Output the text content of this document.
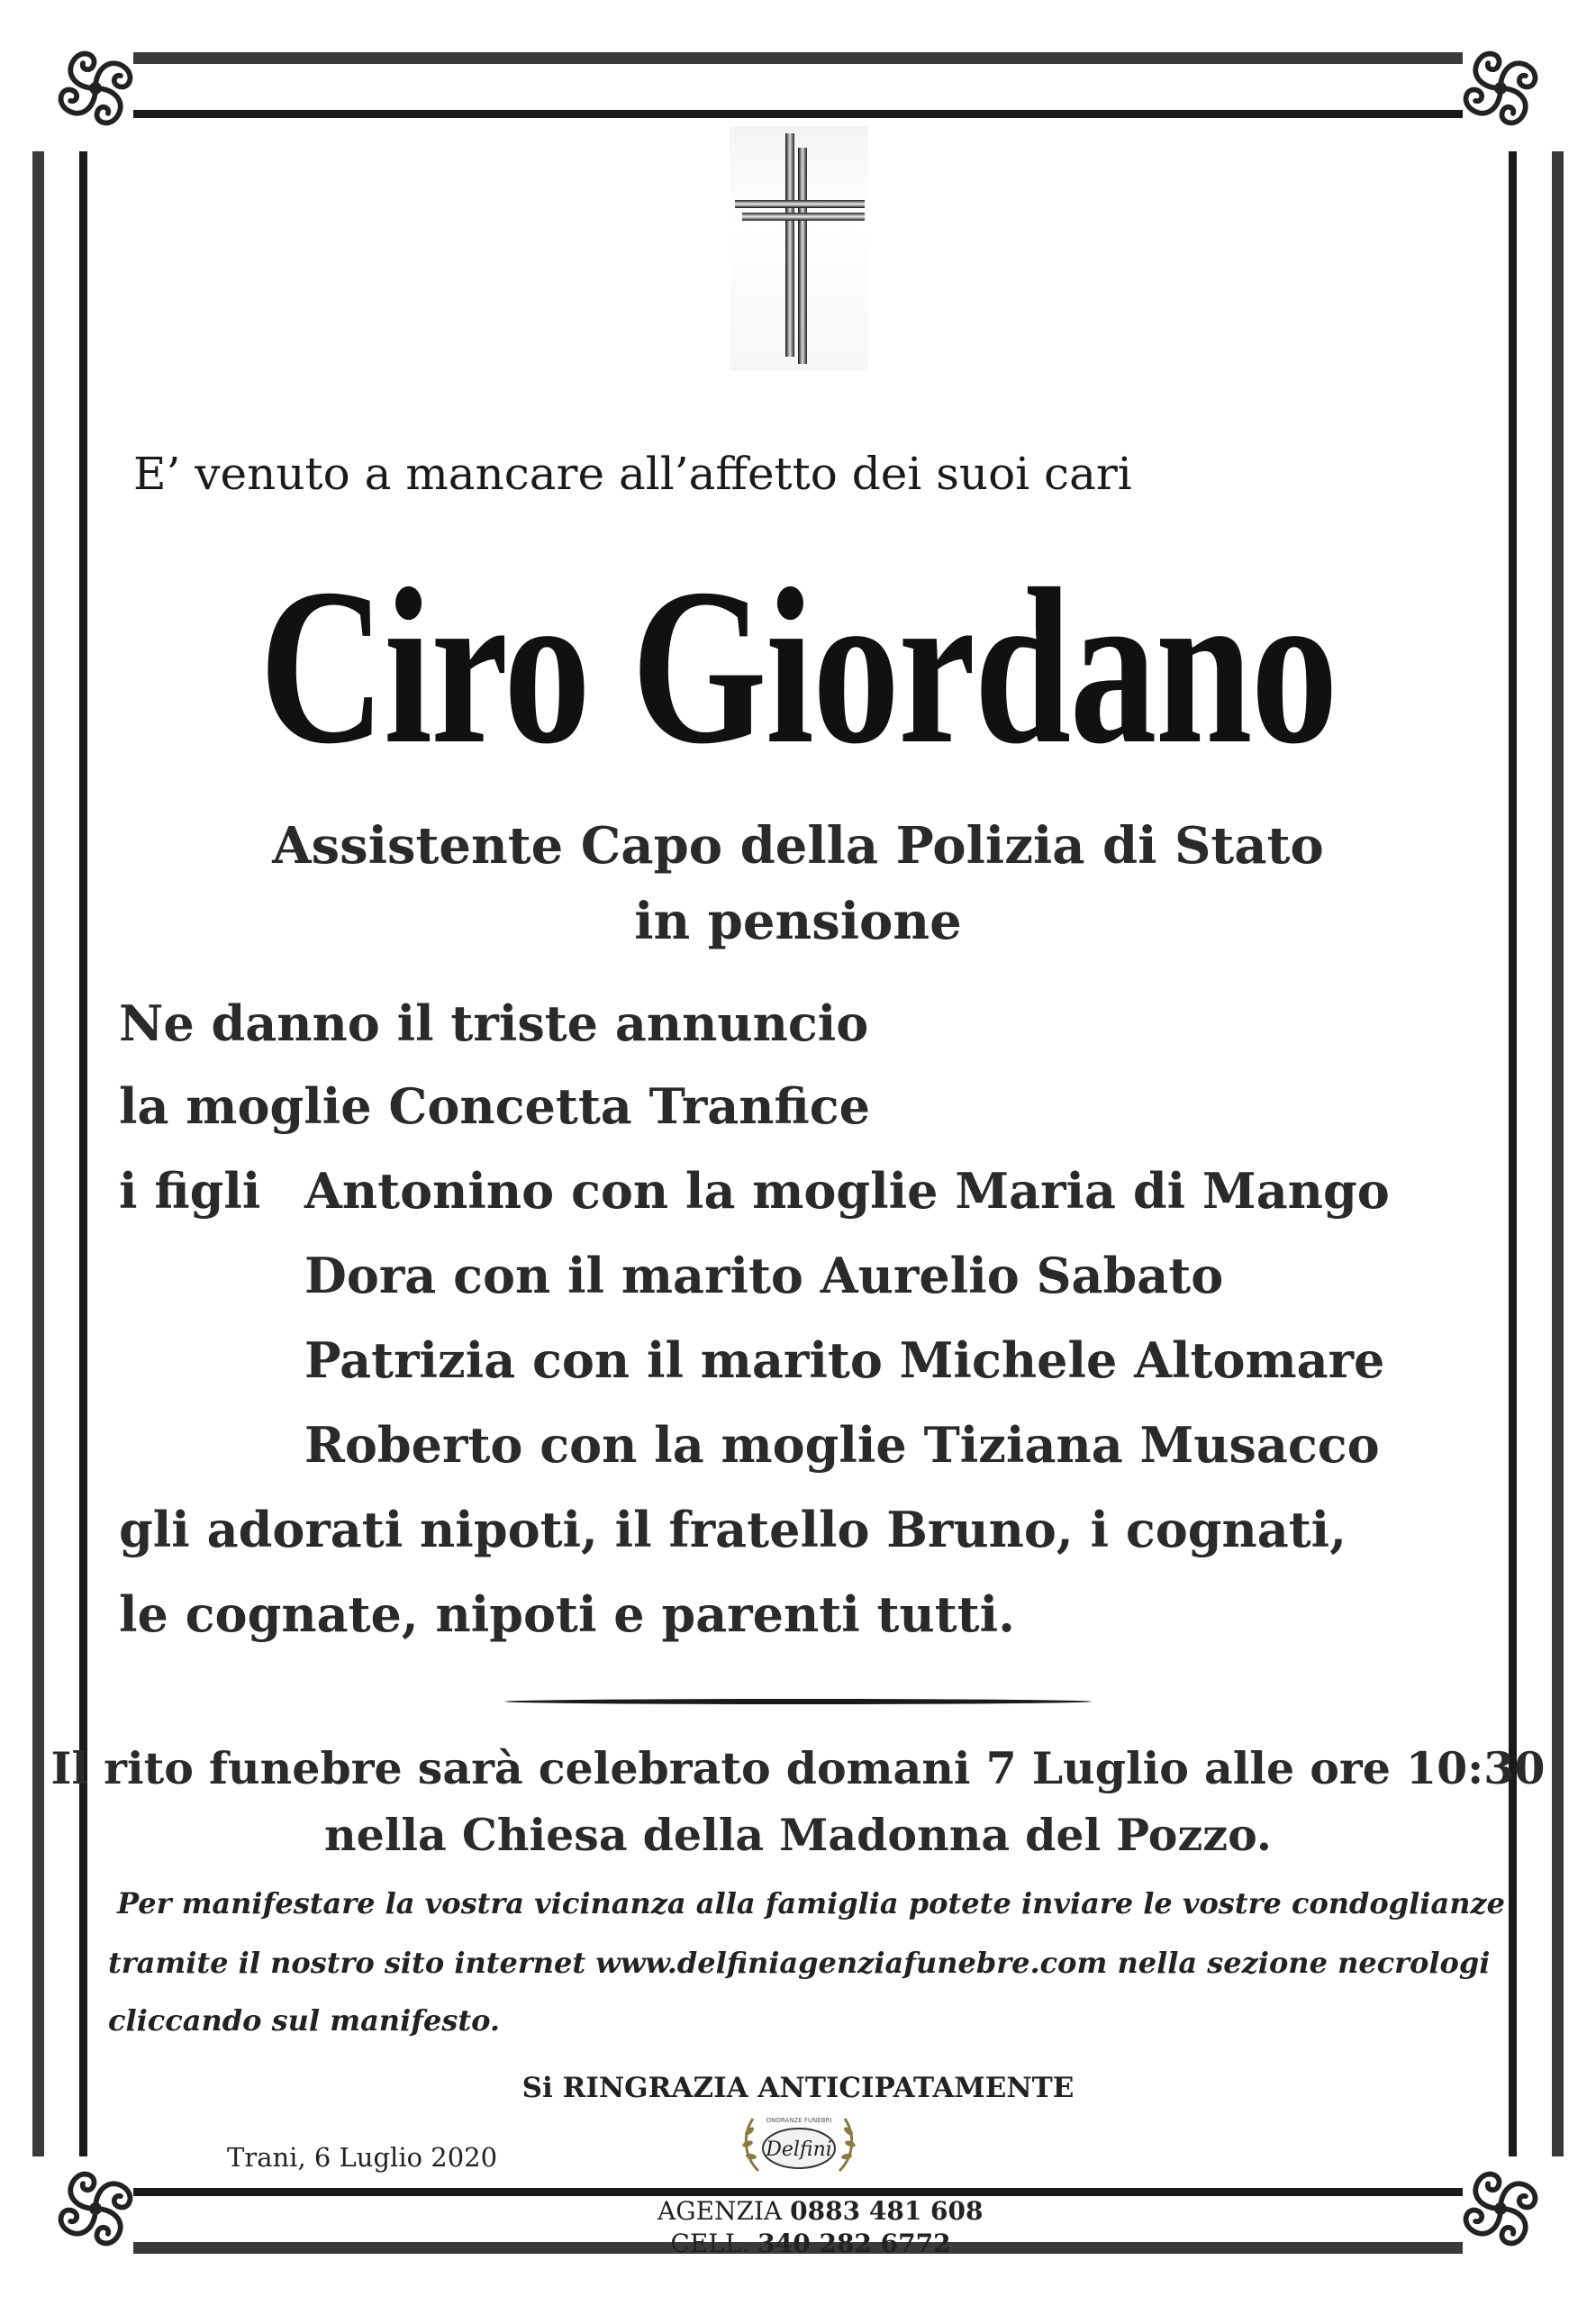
E’ venuto a mancare all’affetto dei suoi cari
Ciro Giordano
Assistente Capo della Polizia di Stato
in pensione
Ne danno il triste annuncio
la moglie Concetta Tranfice
i figli Antonino con la moglie Maria di Mango
Dora con il marito Aurelio Sabato
Patrizia con il marito Michele Altomare
Roberto con la moglie Tiziana Musacco
gli adorati nipoti, il fratello Bruno, i cognati,
le cognate, nipoti e parenti tutti.
Il rito funebre sarà celebrato domani 7 Luglio alle ore 10:30
nella Chiesa della Madonna del Pozzo.
Per manifestare la vostra vicinanza alla famiglia potete inviare le vostre condoglianze
tramite il nostro sito internet www.delfiniagenziafunebre.com nella sezione necrologi
cliccando sul manifesto.
Si RINGRAZIA ANTICIPATAMENTE
Trani, 6 Luglio 2020
ONORANZE FUNEBRI
Delfini
AGENZIA 0883 481 608
CELL. 340 282 6772
